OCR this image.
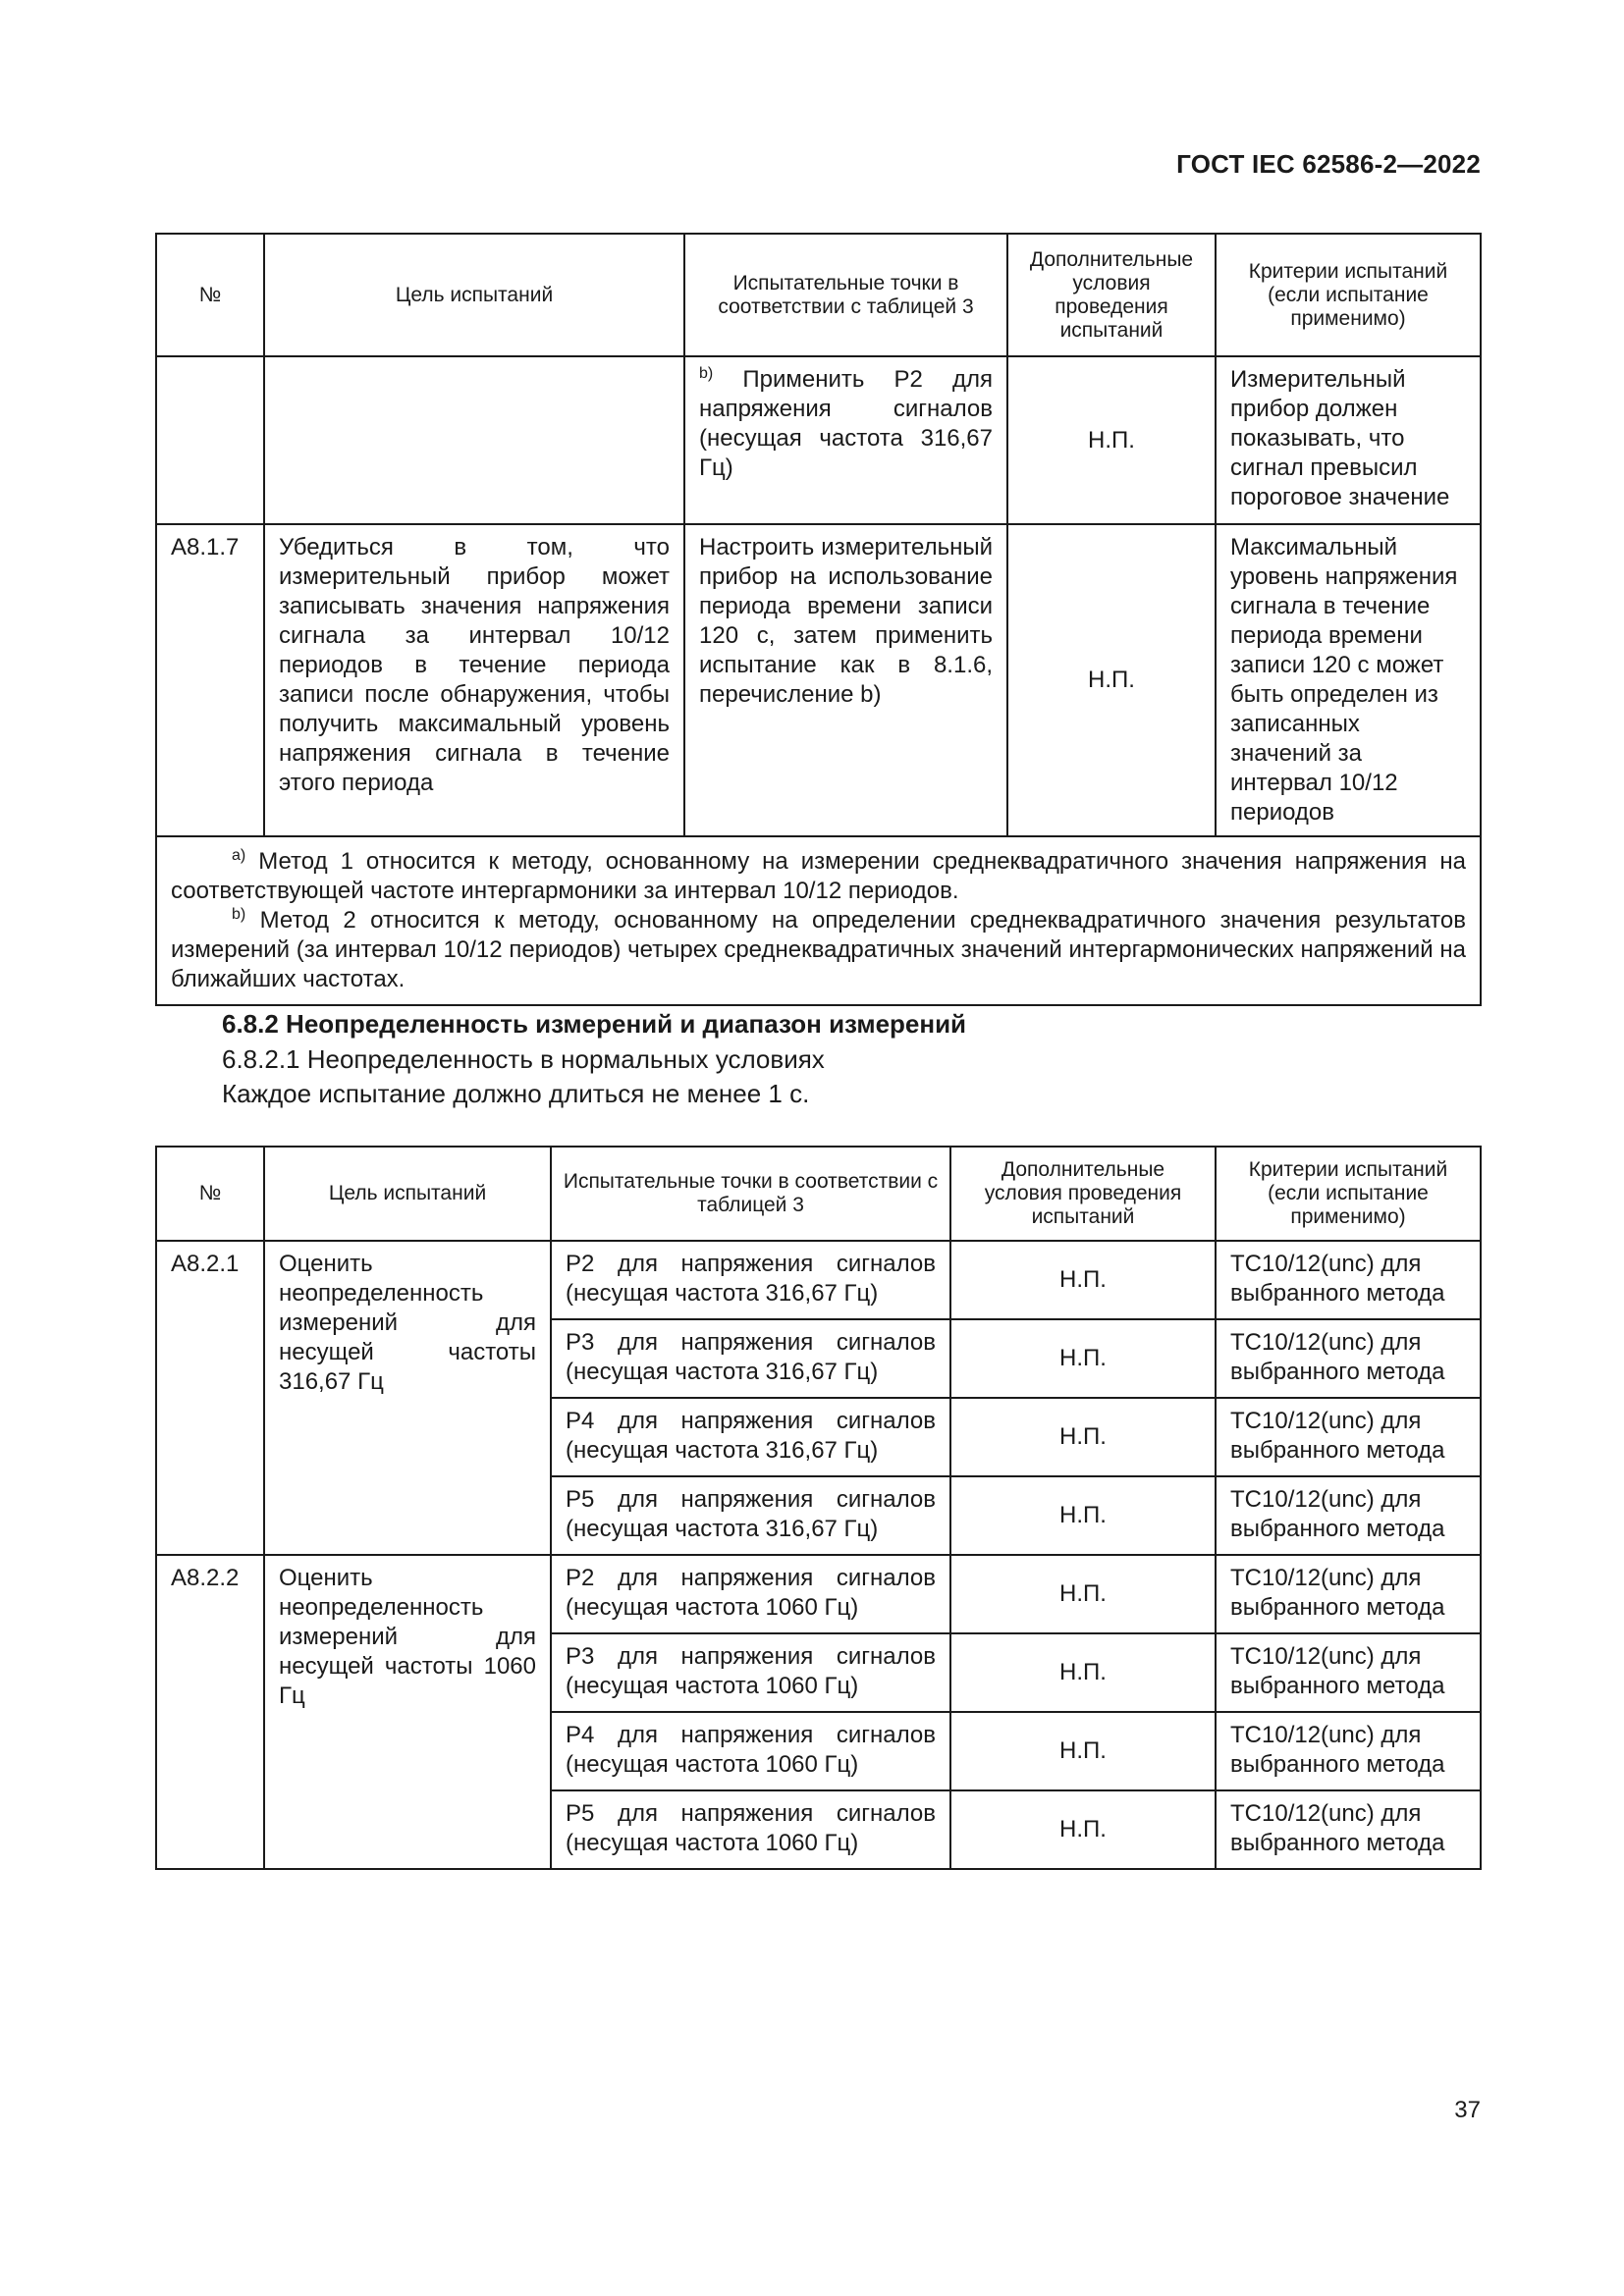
ГОСТ IEC 62586-2—2022
№	Цель испытаний	Испытательные точки в соответствии с таблицей 3	Дополнительные условия проведения испытаний	Критерии испытаний (если испытание применимо)
		$^{b)}$ Применить P2 для напряжения сигналов (несущая частота 316,67 Гц)	Н.П.	Измерительный прибор должен показывать, что сигнал превысил пороговое значение
A8.1.7	Убедиться в том, что измерительный прибор может записывать значения напряжения сигнала за интервал 10/12 периодов в течение периода записи после обнаружения, чтобы получить максимальный уровень напряжения сигнала в течение этого периода	Настроить измерительный прибор на использование периода времени записи 120 с, затем применить испытание как в 8.1.6, перечисление b)	Н.П.	Максимальный уровень напряжения сигнала в течение периода времени записи 120 с может быть определен из записанных значений за интервал 10/12 периодов

$^{a)}$ Метод 1 относится к методу, основанному на измерении среднеквадратичного значения напряжения на соответствующей частоте интергармоники за интервал 10/12 периодов.

$^{b)}$ Метод 2 относится к методу, основанному на определении среднеквадратичного значения результатов измерений (за интервал 10/12 периодов) четырех среднеквадратичных значений интергармонических напряжений на ближайших частотах.				

6.8.2 Неопределенность измерений и диапазон измерений
6.8.2.1 Неопределенность в нормальных условиях
Каждое испытание должно длиться не менее 1 с.
№	Цель испытаний	Испытательные точки в соответствии с таблицей 3	Дополнительные условия проведения испытаний	Критерии испытаний (если испытание применимо)
A8.2.1	Оценить неопределенность измерений для несущей частоты 316,67 Гц	P2 для напряжения сигналов (несущая частота 316,67 Гц)	Н.П.	TC10/12(unc) для выбранного метода
		P3 для напряжения сигналов (несущая частота 316,67 Гц)	Н.П.	TC10/12(unc) для выбранного метода
		P4 для напряжения сигналов (несущая частота 316,67 Гц)	Н.П.	TC10/12(unc) для выбранного метода
		P5 для напряжения сигналов (несущая частота 316,67 Гц)	Н.П.	TC10/12(unc) для выбранного метода
A8.2.2	Оценить неопределенность измерений для несущей частоты 1060 Гц	P2 для напряжения сигналов (несущая частота 1060 Гц)	Н.П.	TC10/12(unc) для выбранного метода
		P3 для напряжения сигналов (несущая частота 1060 Гц)	Н.П.	TC10/12(unc) для выбранного метода
		P4 для напряжения сигналов (несущая частота 1060 Гц)	Н.П.	TC10/12(unc) для выбранного метода
		P5 для напряжения сигналов (несущая частота 1060 Гц)	Н.П.	TC10/12(unc) для выбранного метода
37
